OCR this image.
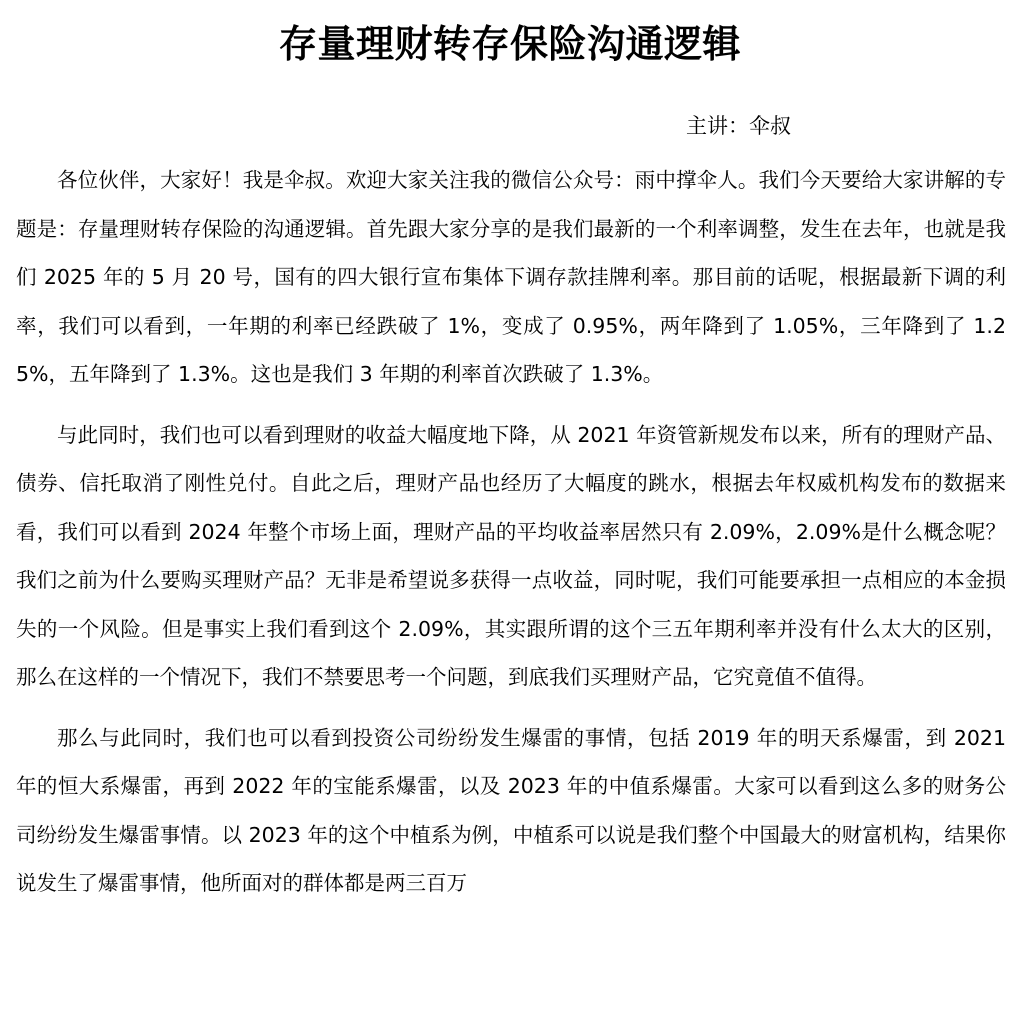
存量理财转存保险沟通逻辑
主讲：伞叔

各位伙伴，大家好！我是伞叔。欢迎大家关注我的微信公众号：雨中撑伞人。我们今天要给大家讲解的专题是：存量理财转存保险的沟通逻辑。首先跟大家分享的是我们最新的一个利率调整，发生在去年，也就是我们 2025 年的 5 月 20 号，国有的四大银行宣布集体下调存款挂牌利率。那目前的话呢，根据最新下调的利率，我们可以看到，一年期的利率已经跌破了 1%，变成了 0.95%，两年降到了 1.05%，三年降到了 1.25%，五年降到了 1.3%。这也是我们 3 年期的利率首次跌破了 1.3%。

与此同时，我们也可以看到理财的收益大幅度地下降，从 2021 年资管新规发布以来，所有的理财产品、债券、信托取消了刚性兑付。自此之后，理财产品也经历了大幅度的跳水，根据去年权威机构发布的数据来看，我们可以看到 2024 年整个市场上面，理财产品的平均收益率居然只有 2.09%，2.09%是什么概念呢？我们之前为什么要购买理财产品？无非是希望说多获得一点收益，同时呢，我们可能要承担一点相应的本金损失的一个风险。但是事实上我们看到这个 2.09%，其实跟所谓的这个三五年期利率并没有什么太大的区别，那么在这样的一个情况下，我们不禁要思考一个问题，到底我们买理财产品，它究竟值不值得。

那么与此同时，我们也可以看到投资公司纷纷发生爆雷的事情，包括 2019 年的明天系爆雷，到 2021 年的恒大系爆雷，再到 2022 年的宝能系爆雷，以及 2023 年的中值系爆雷。大家可以看到这么多的财务公司纷纷发生爆雷事情。以 2023 年的这个中植系为例，中植系可以说是我们整个中国最大的财富机构，结果你说发生了爆雷事情，他所面对的群体都是两三百万
